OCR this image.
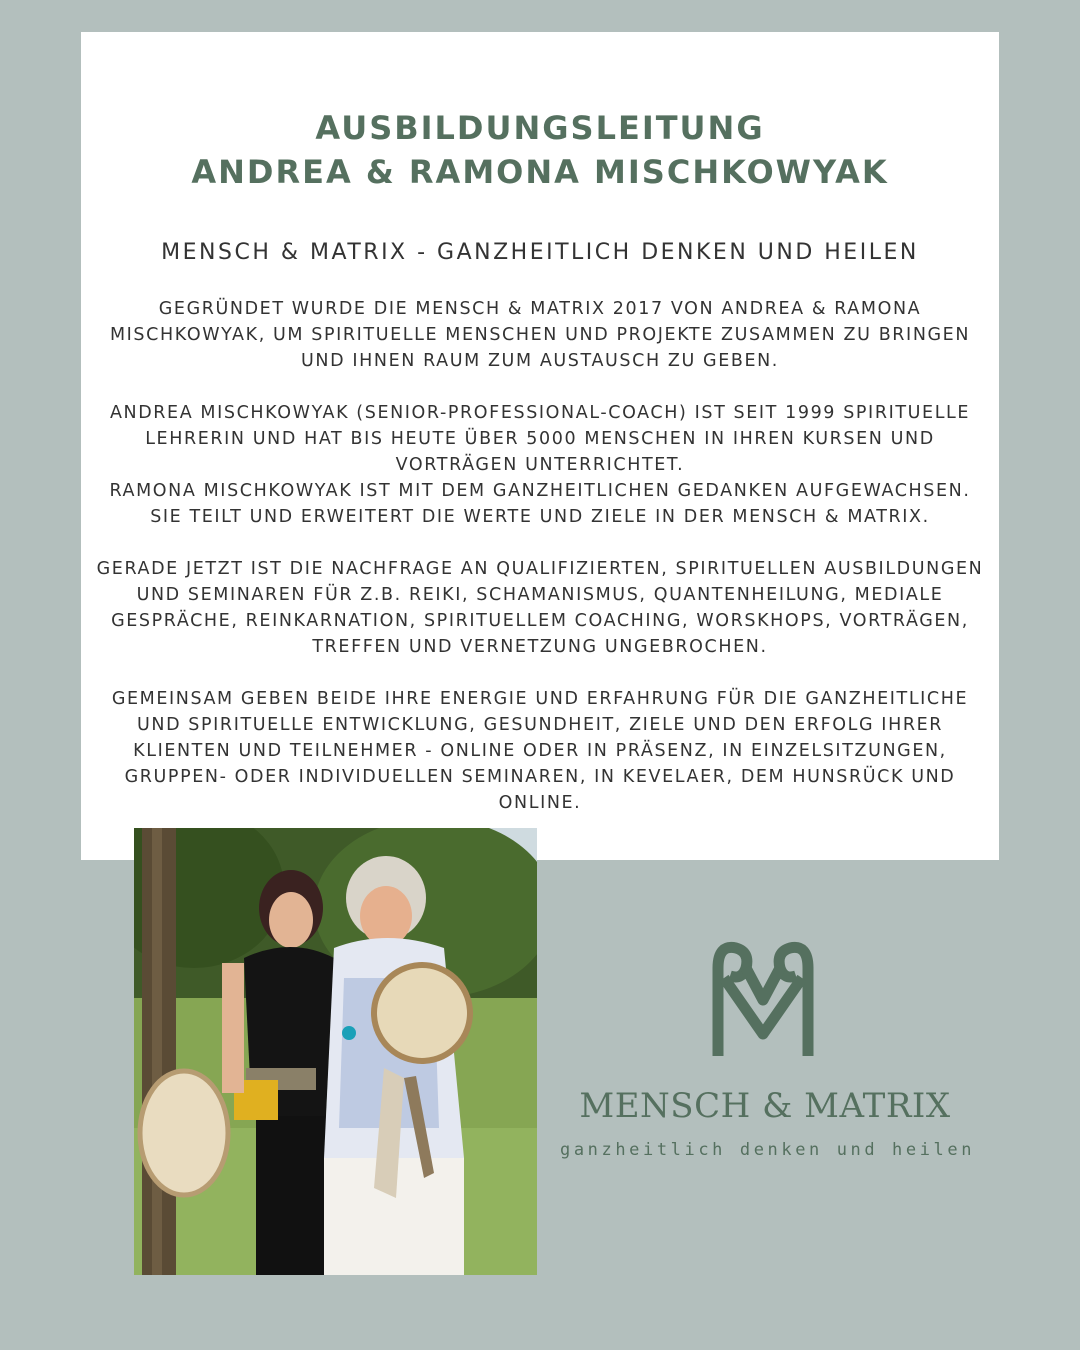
AUSBILDUNGSLEITUNG
ANDREA & RAMONA MISCHKOWYAK
MENSCH & MATRIX - GANZHEITLICH DENKEN UND HEILEN
GEGRÜNDET WURDE DIE MENSCH & MATRIX 2017 VON ANDREA & RAMONA
MISCHKOWYAK, UM SPIRITUELLE MENSCHEN UND PROJEKTE ZUSAMMEN ZU BRINGEN
UND IHNEN RAUM ZUM AUSTAUSCH ZU GEBEN.
ANDREA MISCHKOWYAK (SENIOR-PROFESSIONAL-COACH) IST SEIT 1999 SPIRITUELLE
LEHRERIN UND HAT BIS HEUTE ÜBER 5000 MENSCHEN IN IHREN KURSEN UND
VORTRÄGEN UNTERRICHTET.
RAMONA MISCHKOWYAK IST MIT DEM GANZHEITLICHEN GEDANKEN AUFGEWACHSEN.
SIE TEILT UND ERWEITERT DIE WERTE UND ZIELE IN DER MENSCH & MATRIX.
GERADE JETZT IST DIE NACHFRAGE AN QUALIFIZIERTEN, SPIRITUELLEN AUSBILDUNGEN
UND SEMINAREN FÜR Z.B. REIKI, SCHAMANISMUS, QUANTENHEILUNG, MEDIALE
GESPRÄCHE, REINKARNATION, SPIRITUELLEM COACHING, WORSKHOPS, VORTRÄGEN,
TREFFEN UND VERNETZUNG UNGEBROCHEN.
GEMEINSAM GEBEN BEIDE IHRE ENERGIE UND ERFAHRUNG FÜR DIE GANZHEITLICHE
UND SPIRITUELLE ENTWICKLUNG, GESUNDHEIT, ZIELE UND DEN ERFOLG IHRER
KLIENTEN UND TEILNEHMER - ONLINE ODER IN PRÄSENZ, IN EINZELSITZUNGEN,
GRUPPEN- ODER INDIVIDUELLEN SEMINAREN, IN KEVELAER, DEM HUNSRÜCK UND
ONLINE.
MENSCH & MATRIX
ganzheitlich denken und heilen
